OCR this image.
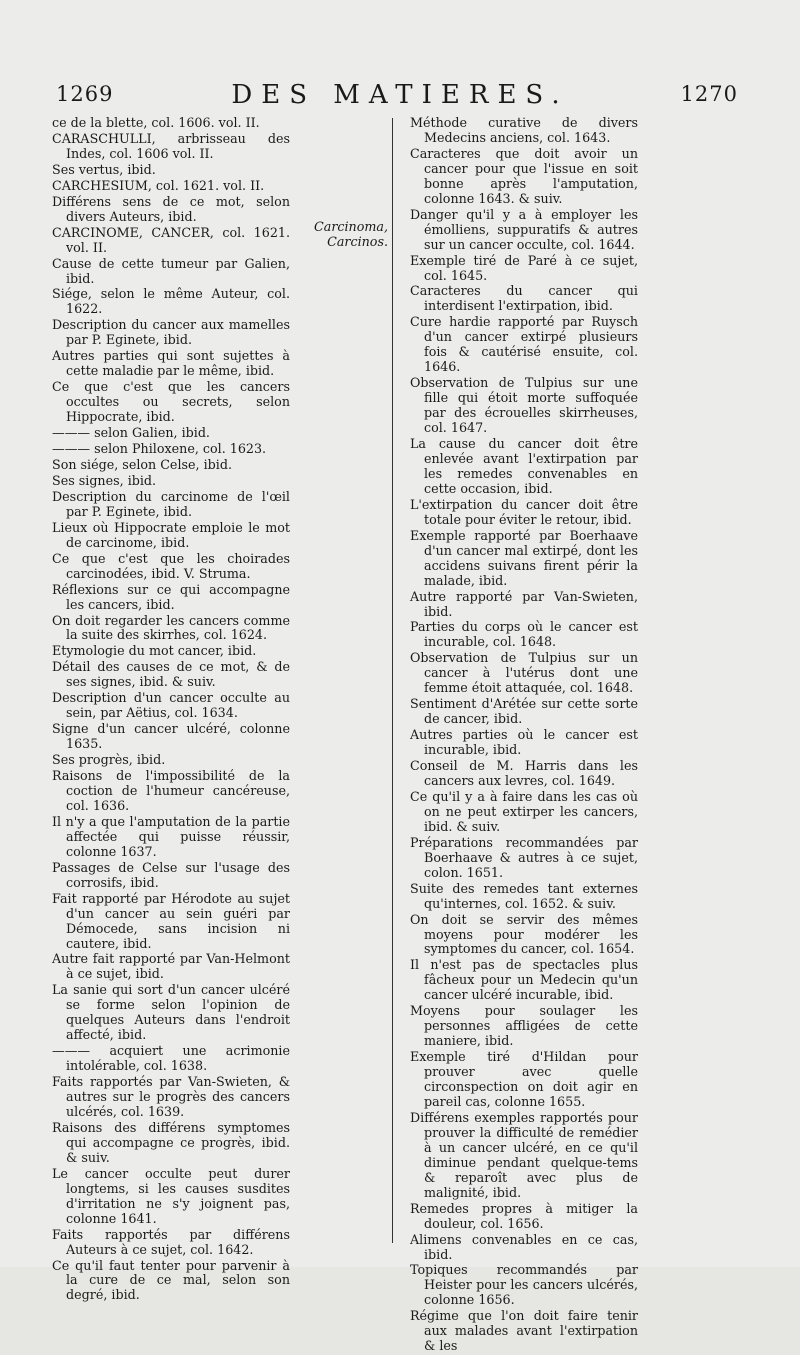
1269	DES MATIERES.	1270
ce de la blette, col. 1606. vol. II.
CARASCHULLI, arbrisseau des Indes, col. 1606 vol. II.
Ses vertus, ibid.
CARCHESIUM, col. 1621. vol. II.
Différens sens de ce mot, selon divers Auteurs, ibid.
CARCINOME, CANCER, col. 1621. vol. II.
Cause de cette tumeur par Galien, ibid.
Siége, selon le même Auteur, col. 1622.
Description du cancer aux mamelles par P. Eginete, ibid.
Autres parties qui sont sujettes à cette maladie par le même, ibid.
Ce que c'est que les cancers occultes ou secrets, selon Hippocrate, ibid.
——— selon Galien, ibid.
——— selon Philoxene, col. 1623.
Son siége, selon Celse, ibid.
Ses signes, ibid.
Description du carcinome de l'œil par P. Eginete, ibid.
Lieux où Hippocrate emploie le mot de carcinome, ibid.
Ce que c'est que les choirades carcinodées, ibid. V. Struma.
Réflexions sur ce qui accompagne les cancers, ibid.
On doit regarder les cancers comme la suite des skirrhes, col. 1624.
Etymologie du mot cancer, ibid.
Détail des causes de ce mot, & de ses signes, ibid. & suiv.
Description d'un cancer occulte au sein, par Aëtius, col. 1634.
Signe d'un cancer ulcéré, colonne 1635.
Ses progrès, ibid.
Raisons de l'impossibilité de la coction de l'humeur cancéreuse, col. 1636.
Il n'y a que l'amputation de la partie affectée qui puisse réussir, colonne 1637.
Passages de Celse sur l'usage des corrosifs, ibid.
Fait rapporté par Hérodote au sujet d'un cancer au sein guéri par Démocede, sans incision ni cautere, ibid.
Autre fait rapporté par Van-Helmont à ce sujet, ibid.
La sanie qui sort d'un cancer ulcéré se forme selon l'opinion de quelques Auteurs dans l'endroit affecté, ibid.
——— acquiert une acrimonie intolérable, col. 1638.
Faits rapportés par Van-Swieten, & autres sur le progrès des cancers ulcérés, col. 1639.
Raisons des différens symptomes qui accompagne ce progrès, ibid. & suiv.
Le cancer occulte peut durer longtems, si les causes susdites d'irritation ne s'y joignent pas, colonne 1641.
Faits rapportés par différens Auteurs à ce sujet, col. 1642.
Ce qu'il faut tenter pour parvenir à la cure de ce mal, selon son degré, ibid.
Méthode curative de divers Medecins anciens, col. 1643.
Caracteres que doit avoir un cancer pour que l'issue en soit bonne après l'amputation, colonne 1643. & suiv.
Danger qu'il y a à employer les émolliens, suppuratifs & autres sur un cancer occulte, col. 1644.
Exemple tiré de Paré à ce sujet, col. 1645.
Caracteres du cancer qui interdisent l'extirpation, ibid.
Cure hardie rapporté par Ruysch d'un cancer extirpé plusieurs fois & cautérisé ensuite, col. 1646.
Observation de Tulpius sur une fille qui étoit morte suffoquée par des écrouelles skirrheuses, col. 1647.
La cause du cancer doit être enlevée avant l'extirpation par les remedes convenables en cette occasion, ibid.
L'extirpation du cancer doit être totale pour éviter le retour, ibid.
Exemple rapporté par Boerhaave d'un cancer mal extirpé, dont les accidens suivans firent périr la malade, ibid.
Autre rapporté par Van-Swieten, ibid.
Parties du corps où le cancer est incurable, col. 1648.
Observation de Tulpius sur un cancer à l'utérus dont une femme étoit attaquée, col. 1648.
Sentiment d'Arétée sur cette sorte de cancer, ibid.
Autres parties où le cancer est incurable, ibid.
Conseil de M. Harris dans les cancers aux levres, col. 1649.
Ce qu'il y a à faire dans les cas où on ne peut extirper les cancers, ibid. & suiv.
Préparations recommandées par Boerhaave & autres à ce sujet, colon. 1651.
Suite des remedes tant externes qu'internes, col. 1652. & suiv.
On doit se servir des mêmes moyens pour modérer les symptomes du cancer, col. 1654.
Il n'est pas de spectacles plus fâcheux pour un Medecin qu'un cancer ulcéré incurable, ibid.
Moyens pour soulager les personnes affligées de cette maniere, ibid.
Exemple tiré d'Hildan pour prouver avec quelle circonspection on doit agir en pareil cas, colonne 1655.
Différens exemples rapportés pour prouver la difficulté de remédier à un cancer ulcéré, en ce qu'il diminue pendant quelque-tems & reparoît avec plus de malignité, ibid.
Remedes propres à mitiger la douleur, col. 1656.
Alimens convenables en ce cas, ibid.
Topiques recommandés par Heister pour les cancers ulcérés, colonne 1656.
Régime que l'on doit faire tenir aux malades avant l'extirpation & les
Carcinoma,
Carcinos.
